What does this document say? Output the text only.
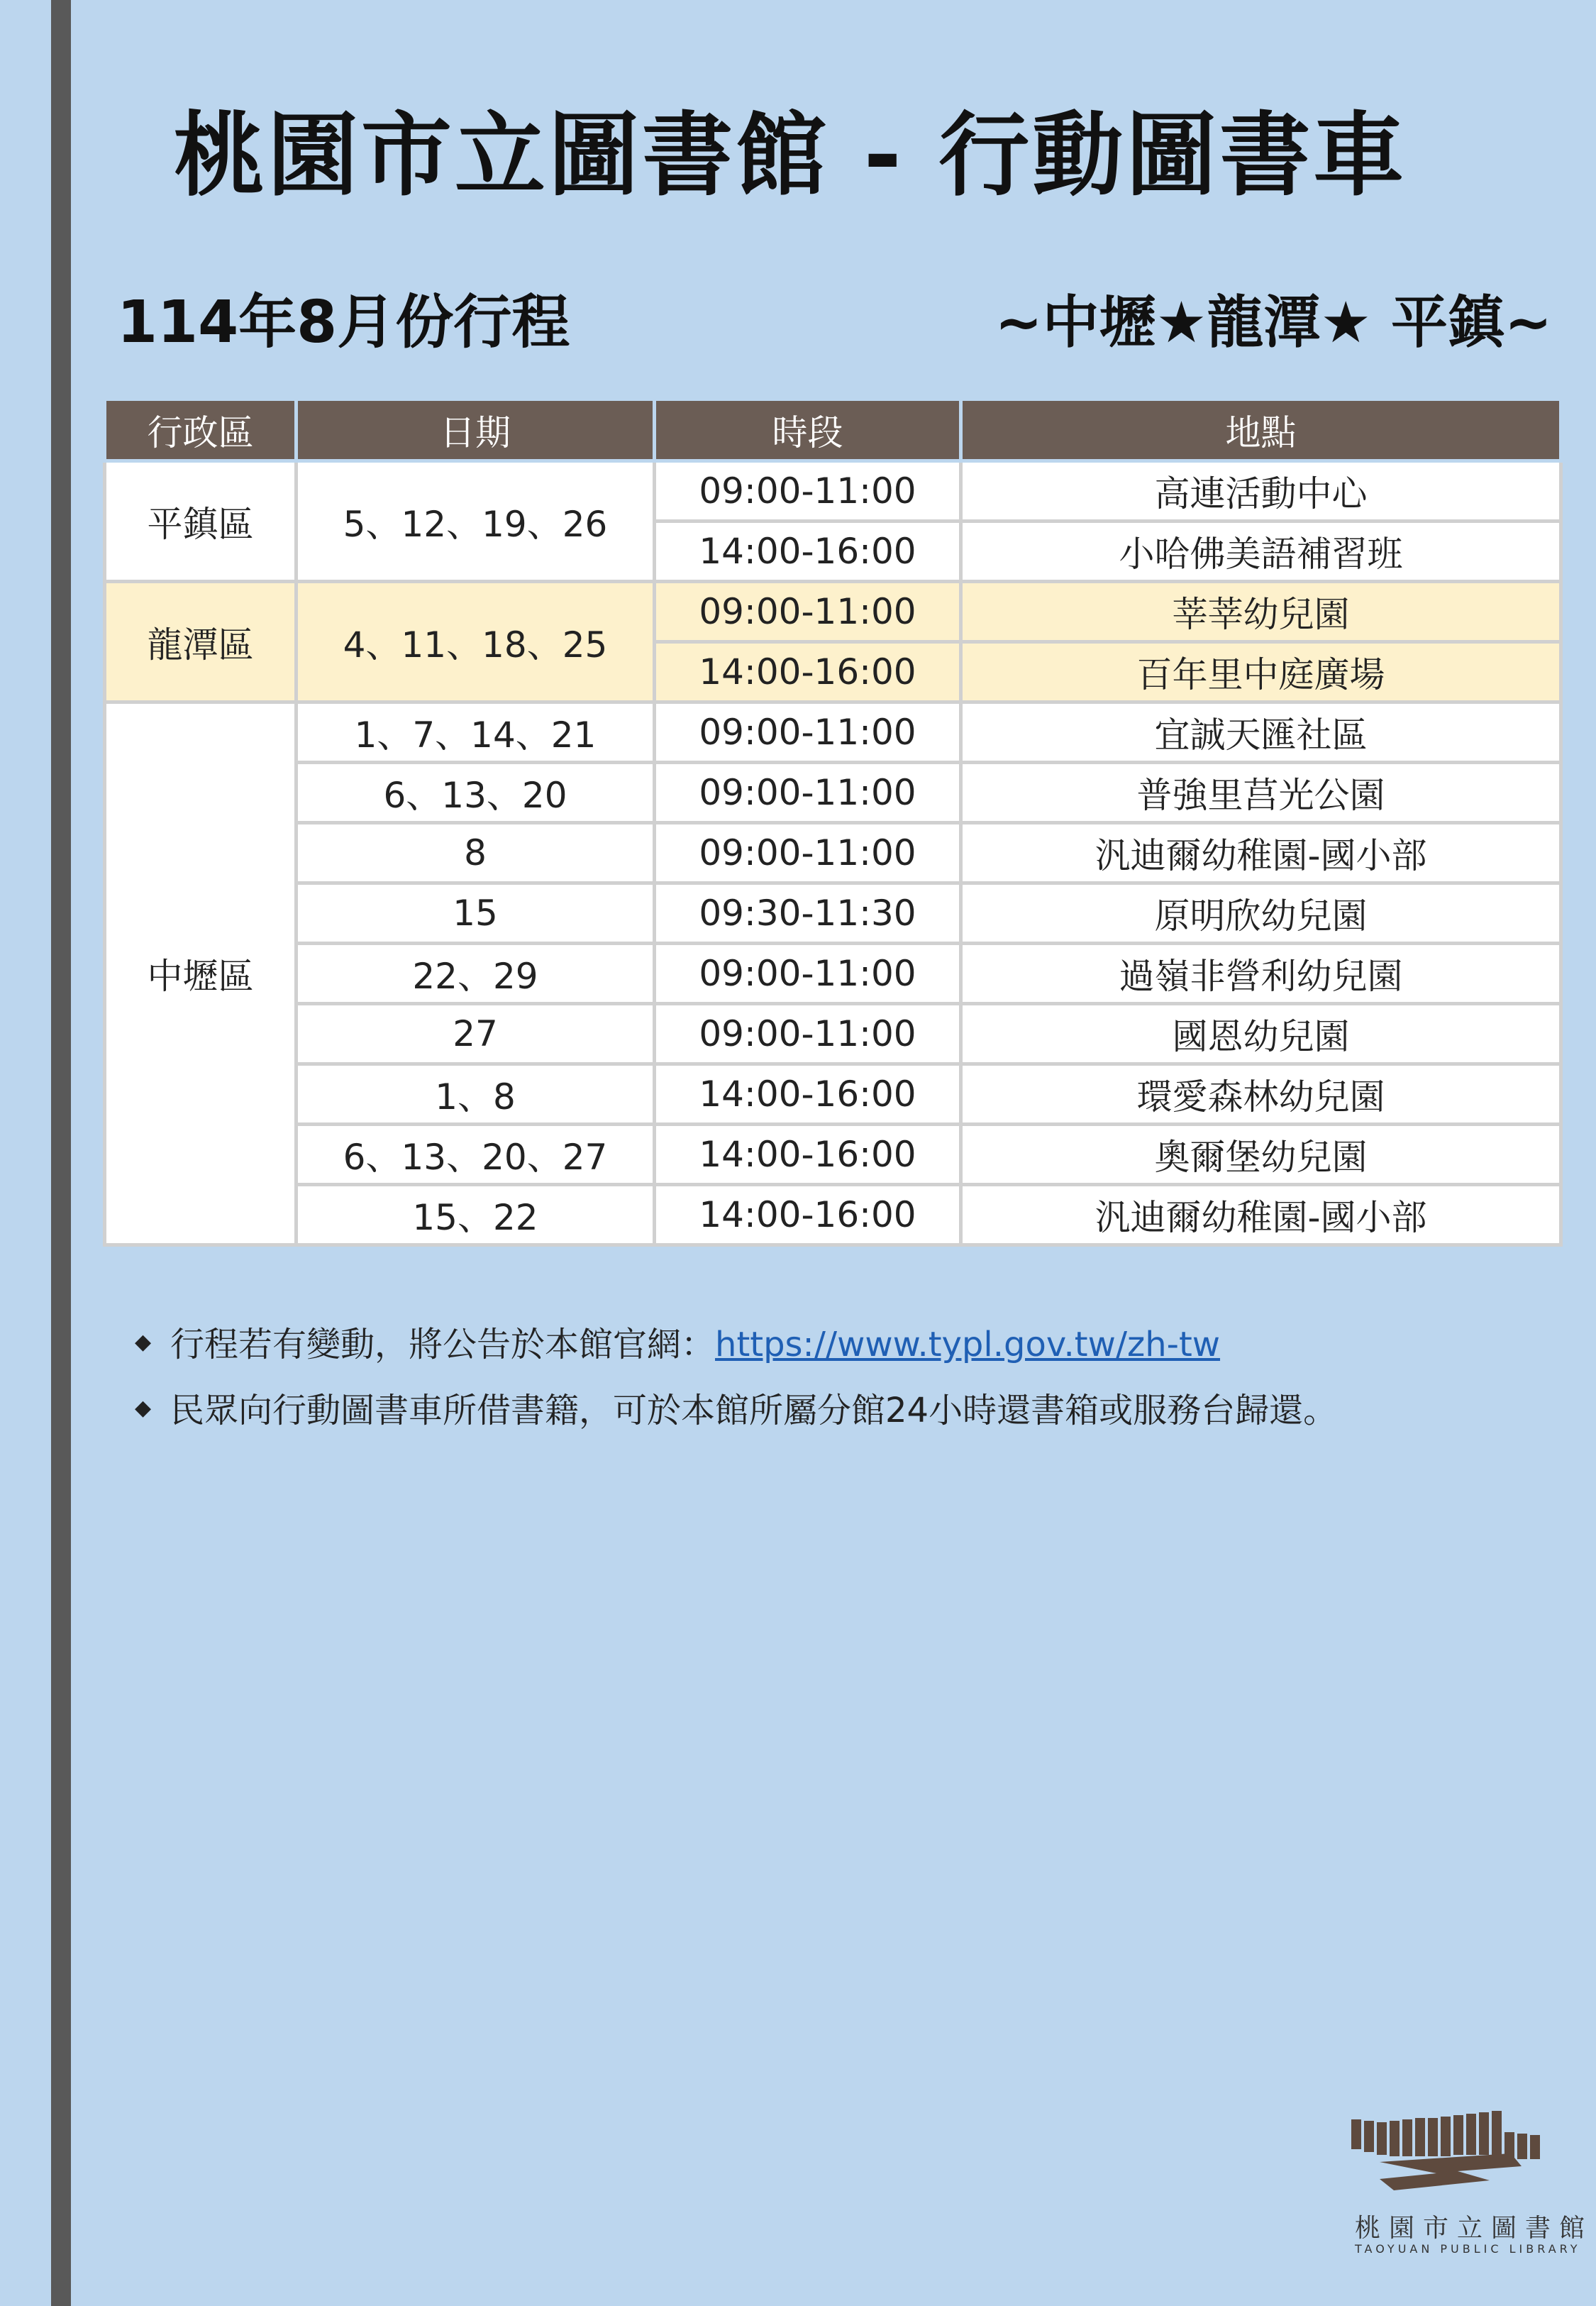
桃園市立圖書館 - 行動圖書車
114年8月份行程	~中壢★龍潭★ 平鎮~
行政區	日期	時段	地點
平鎮區	5、12、19、26	09:00-11:00	高連活動中心
		14:00-16:00	小哈佛美語補習班
龍潭區	4、11、18、25	09:00-11:00	莘莘幼兒園
		14:00-16:00	百年里中庭廣場
中壢區	1、7、14、21	09:00-11:00	宜誠天匯社區
	6、13、20	09:00-11:00	普強里莒光公園
	8	09:00-11:00	汎迪爾幼稚園-國小部
	15	09:30-11:30	原明欣幼兒園
	22、29	09:00-11:00	過嶺非營利幼兒園
	27	09:00-11:00	國恩幼兒園
	1、8	14:00-16:00	環愛森林幼兒園
	6、13、20、27	14:00-16:00	奧爾堡幼兒園
	15、22	14:00-16:00	汎迪爾幼稚園-國小部
◆ 行程若有變動，將公告於本館官網：https://www.typl.gov.tw/zh-tw
◆ 民眾向行動圖書車所借書籍，可於本館所屬分館24小時還書箱或服務台歸還。
桃園市立圖書館
TAOYUAN PUBLIC LIBRARY
